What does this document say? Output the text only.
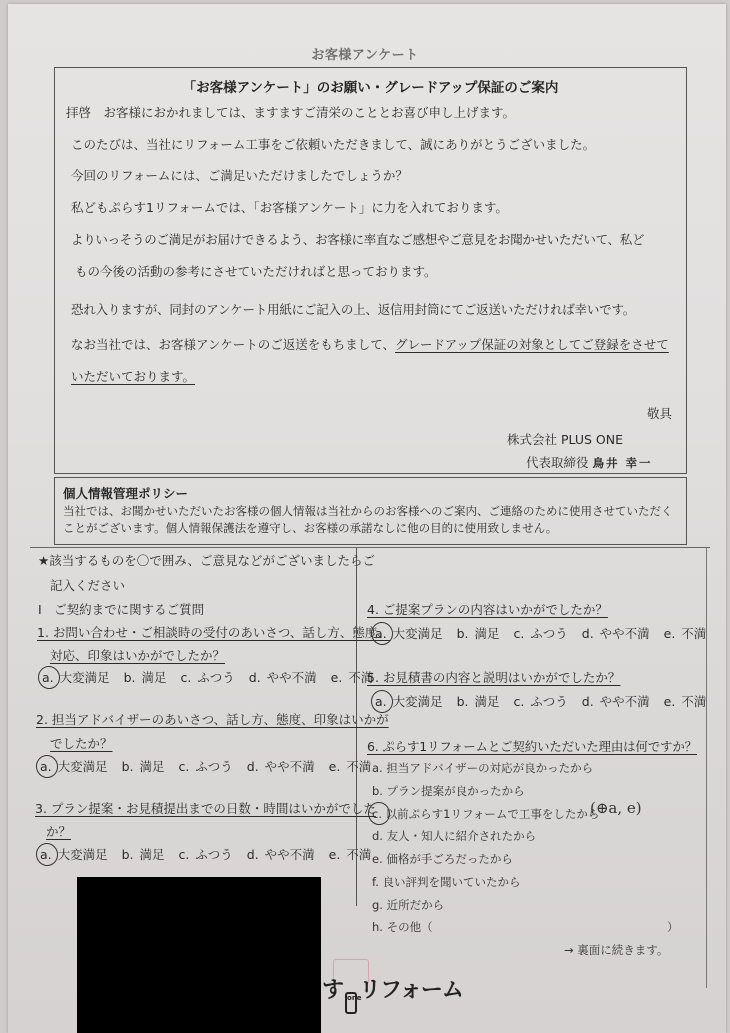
お客様アンケート
「お客様アンケート」のお願い・グレードアップ保証のご案内
拝啓　お客様におかれましては、ますますご清栄のこととお喜び申し上げます。
このたびは、当社にリフォーム工事をご依頼いただきまして、誠にありがとうございました。
今回のリフォームには、ご満足いただけましたでしょうか？
私どもぷらす1リフォームでは、「お客様アンケート」に力を入れております。
よりいっそうのご満足がお届けできるよう、お客様に率直なご感想やご意見をお聞かせいただいて、私ど
もの今後の活動の参考にさせていただければと思っております。
恐れ入りますが、同封のアンケート用紙にご記入の上、返信用封筒にてご返送いただければ幸いです。
なお当社では、お客様アンケートのご返送をもちまして、グレードアップ保証の対象としてご登録をさせて
いただいております。
敬具
株式会社 PLUS ONE
代表取締役 鳥井 幸一
個人情報管理ポリシー
当社では、お聞かせいただいたお客様の個人情報は当社からのお客様へのご案内、ご連絡のために使用させていただくことがございます。個人情報保護法を遵守し、お客様の承諾なしに他の目的に使用致しません。
★該当するものを〇で囲み、ご意見などがございましたらご
記入ください
Ⅰ　ご契約までに関するご質問
1. お問い合わせ・ご相談時の受付のあいさつ、話し方、態度、
対応、印象はいかがでしたか？
a. 大変満足 b. 満足 c. ふつう d. やや不満 e. 不満
2. 担当アドバイザーのあいさつ、話し方、態度、印象はいかが
でしたか？
a. 大変満足 b. 満足 c. ふつう d. やや不満 e. 不満
3. プラン提案・お見積提出までの日数・時間はいかがでした
か？
a. 大変満足 b. 満足 c. ふつう d. やや不満 e. 不満
4. ご提案プランの内容はいかがでしたか？
a. 大変満足 b. 満足 c. ふつう d. やや不満 e. 不満
5. お見積書の内容と説明はいかがでしたか？
a. 大変満足 b. 満足 c. ふつう d. やや不満 e. 不満
6. ぷらす1リフォームとご契約いただいた理由は何ですか？
a. 担当アドバイザーの対応が良かったから
b. プラン提案が良かったから
c. 以前ぷらす1リフォームで工事をしたから
(⊕a, e)
d. 友人・知人に紹介されたから
e. 価格が手ごろだったから
f. 良い評判を聞いていたから
g. 近所だから
h. その他（	）
→ 裏面に続きます。
す oneリフォーム
